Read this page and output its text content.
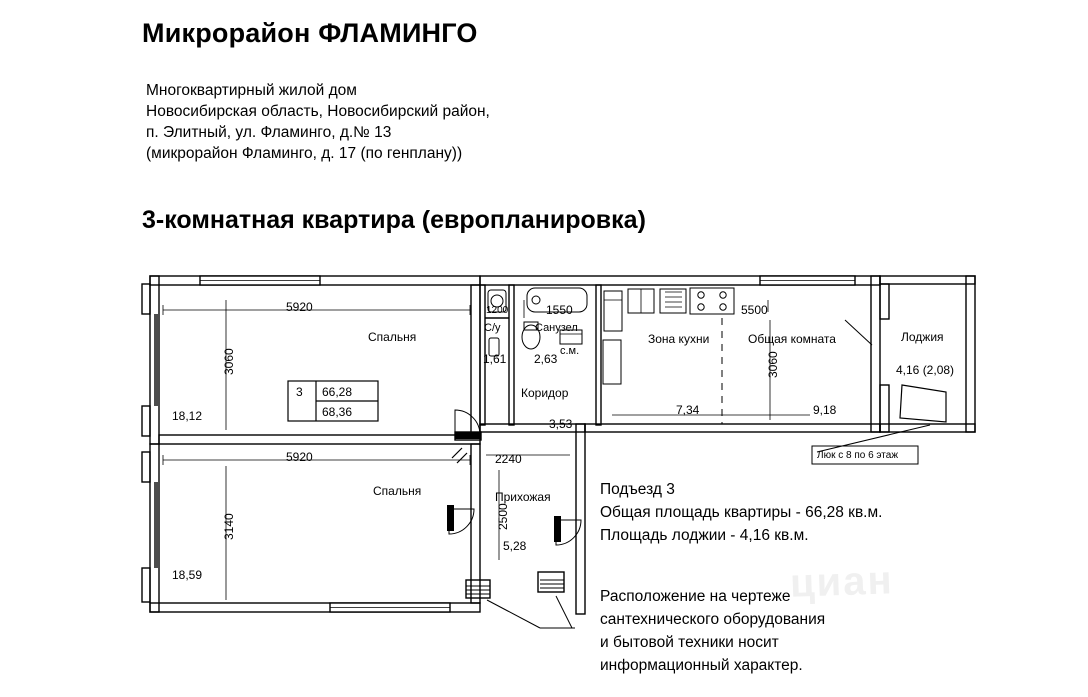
Микрорайон ФЛАМИНГО
Многоквартирный жилой дом
Новосибирская область, Новосибирский район,
п. Элитный, ул. Фламинго, д.№ 13
(микрорайон Фламинго, д. 17 (по генплану))
3-комнатная квартира (европланировка)
циан
5920
5920
3060
3140
Спальня
Спальня
Коридор
Прихожая
Зона кухни	Общая комната	Лоджия
С/у	Санузел
1,61 2,63
с.м.
5,28
4,16 (2,08)
18,12
18,59
9,18
7,34
3,53
1550	5500
3060
2240
2500
1200
3 66,28
68,36
Люк с 8 по 6 этаж
Подъезд 3
Общая площадь квартиры - 66,28 кв.м.
Площадь лоджии - 4,16 кв.м.
Расположение на чертеже
сантехнического оборудования
и бытовой техники носит
информационный характер.
